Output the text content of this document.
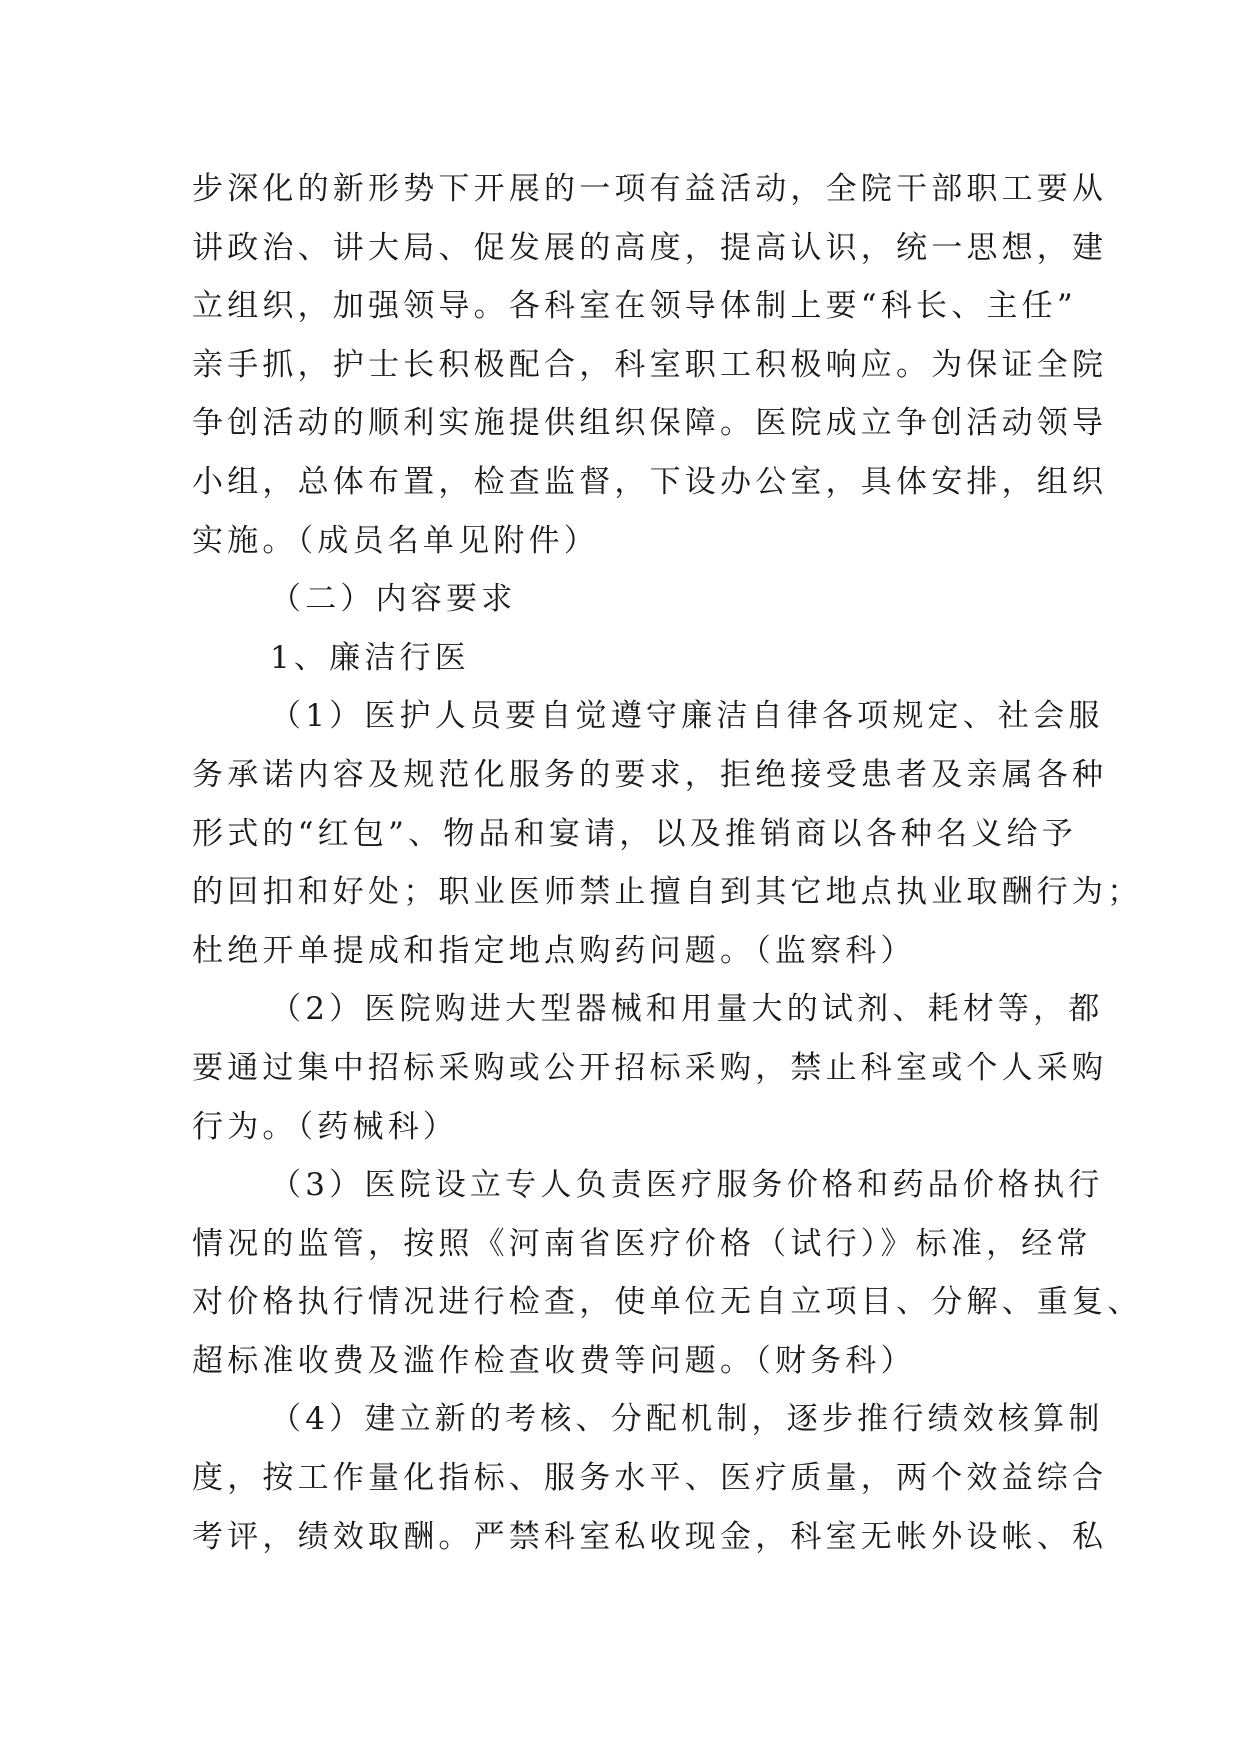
步深化的新形势下开展的一项有益活动，全院干部职工要从
讲政治、讲大局、促发展的高度，提高认识，统一思想，建
立组织，加强领导。各科室在领导体制上要“科长、主任”
亲手抓，护士长积极配合，科室职工积极响应。为保证全院
争创活动的顺利实施提供组织保障。医院成立争创活动领导
小组，总体布置，检查监督，下设办公室，具体安排，组织
实施。（成员名单见附件）
（二）内容要求
1、廉洁行医
（1）医护人员要自觉遵守廉洁自律各项规定、社会服
务承诺内容及规范化服务的要求，拒绝接受患者及亲属各种
形式的“红包”、物品和宴请，以及推销商以各种名义给予
的回扣和好处；职业医师禁止擅自到其它地点执业取酬行为；
杜绝开单提成和指定地点购药问题。（监察科）
（2）医院购进大型器械和用量大的试剂、耗材等，都
要通过集中招标采购或公开招标采购，禁止科室或个人采购
行为。（药械科）
（3）医院设立专人负责医疗服务价格和药品价格执行
情况的监管，按照《河南省医疗价格（试行）》标准，经常
对价格执行情况进行检查，使单位无自立项目、分解、重复、
超标准收费及滥作检查收费等问题。（财务科）
（4）建立新的考核、分配机制，逐步推行绩效核算制
度，按工作量化指标、服务水平、医疗质量，两个效益综合
考评，绩效取酬。严禁科室私收现金，科室无帐外设帐、私
